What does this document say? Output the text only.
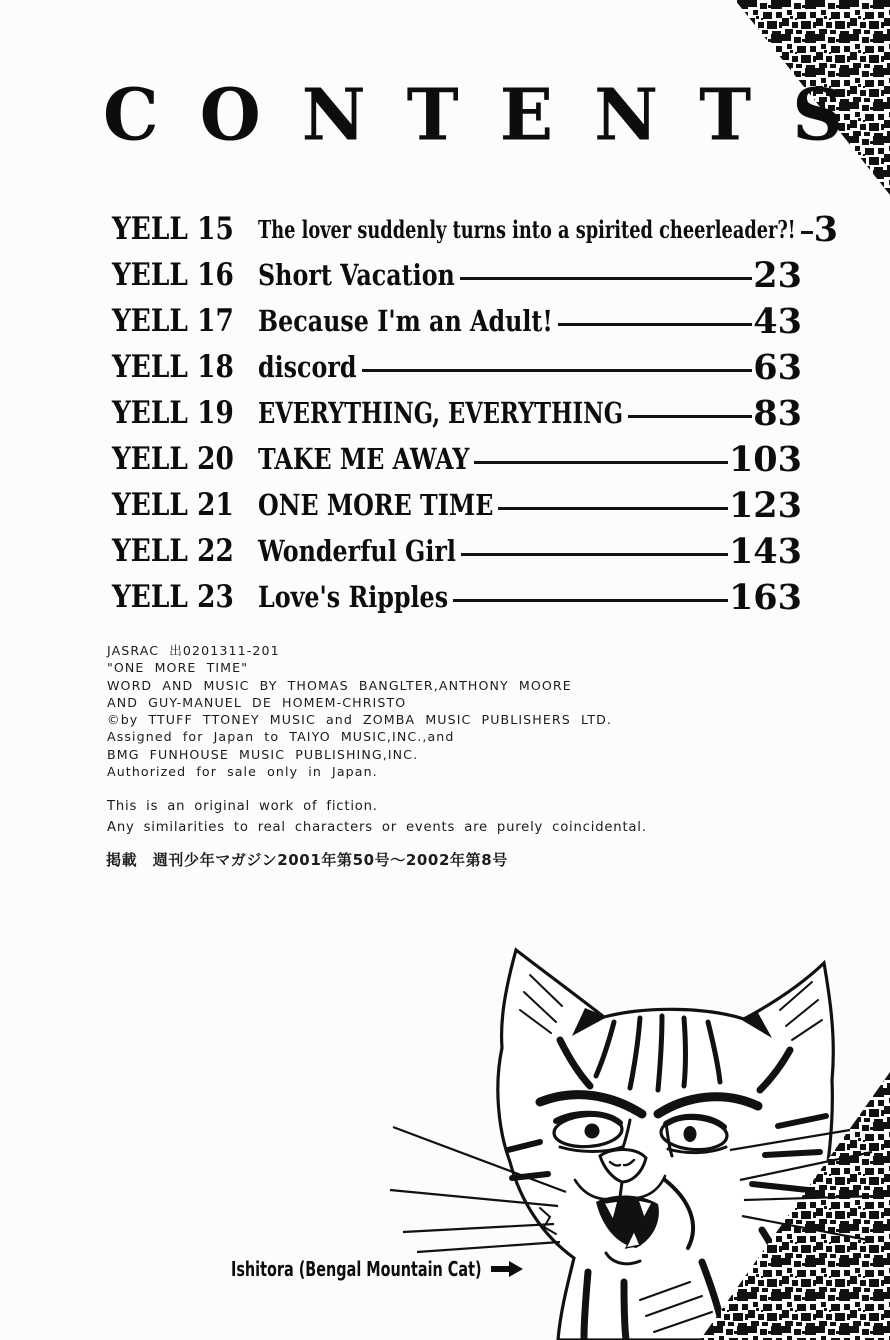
CONTENTS
YELL 15	The lover suddenly turns into a spirited cheerleader?! 3
YELL 16 Short Vacation	23
YELL 17 Because I'm an Adult!	43
YELL 18 discord	63
YELL 19 EVERYTHING, EVERYTHING	83
YELL 20 TAKE ME AWAY	103
YELL 21 ONE MORE TIME	123
YELL 22 Wonderful Girl	143
YELL 23 Love's Ripples	163
JASRAC 出0201311-201
"ONE MORE TIME"
WORD AND MUSIC BY THOMAS BANGLTER,ANTHONY MOORE
AND GUY-MANUEL DE HOMEM-CHRISTO
©by TTUFF TTONEY MUSIC and ZOMBA MUSIC PUBLISHERS LTD.
Assigned for Japan to TAIYO MUSIC,INC.,and
BMG FUNHOUSE MUSIC PUBLISHING,INC.
Authorized for sale only in Japan.
This is an original work of fiction.
Any similarities to real characters or events are purely coincidental.
掲載　週刊少年マガジン2001年第50号～2002年第8号
Ishitora (Bengal Mountain Cat)
